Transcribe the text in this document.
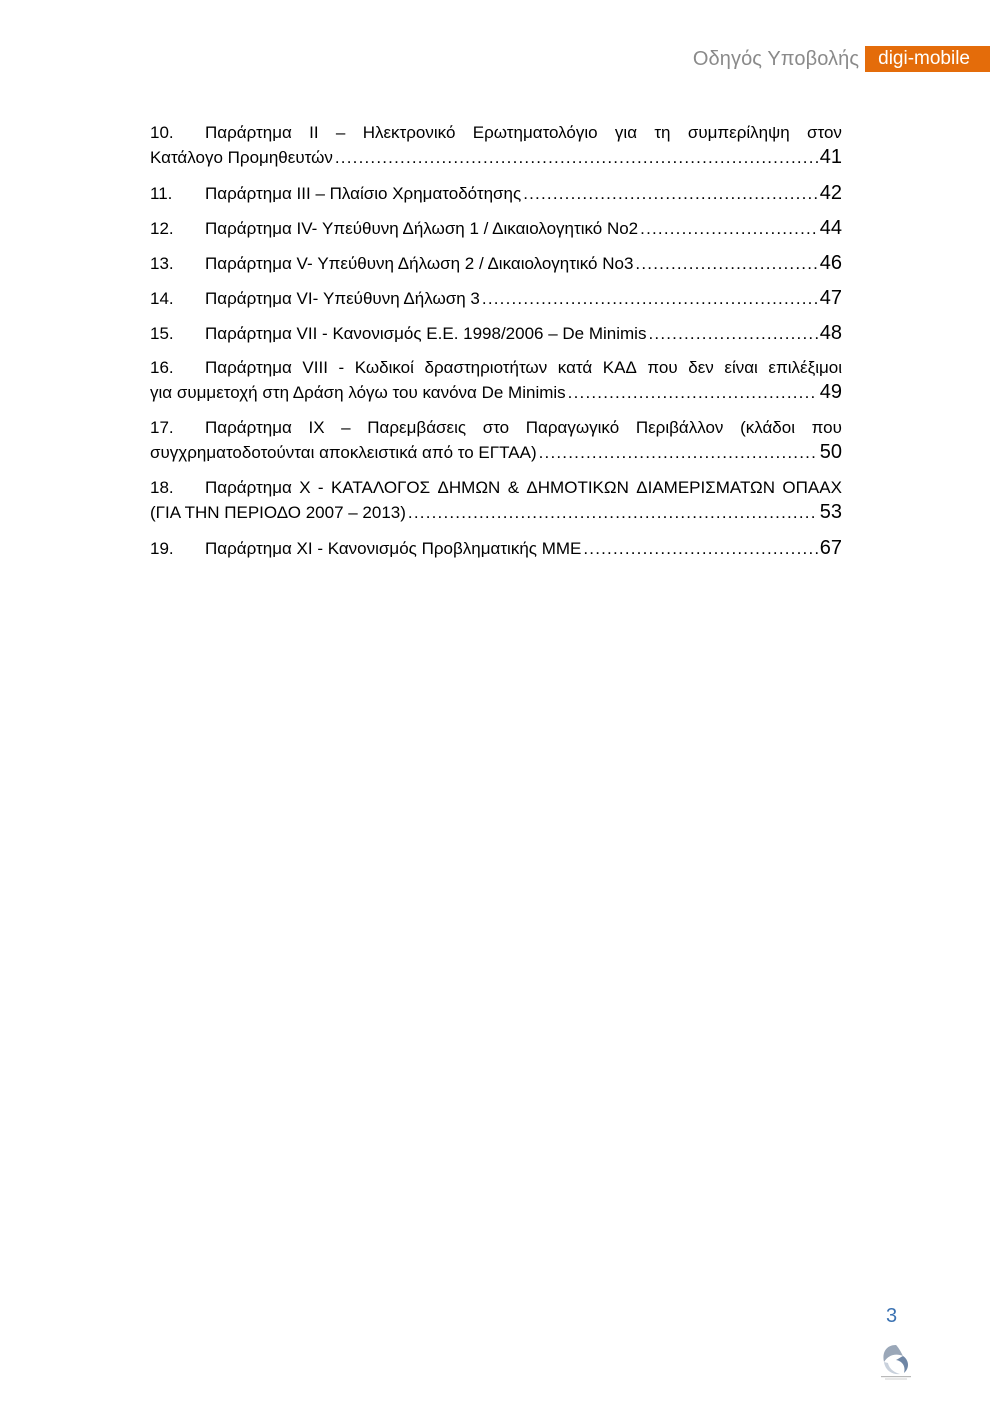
Οδηγός Υποβολής	digi-mobile
10.	Παράρτημα ΙΙ – Ηλεκτρονικό Ερωτηματολόγιο για τη συμπερίληψη στον
Κατάλογο Προμηθευτών .....	41
11.	Παράρτημα ΙΙΙ – Πλαίσιο Χρηματοδότησης .....	42
12.	Παράρτημα IV- Υπεύθυνη Δήλωση 1 / Δικαιολογητικό Νο2 .....	44
13.	Παράρτημα V- Υπεύθυνη Δήλωση 2 / Δικαιολογητικό Νο3 .....	46
14.	Παράρτημα VI- Υπεύθυνη Δήλωση 3 .....	47
15.	Παράρτημα VII - Κανονισμός Ε.Ε. 1998/2006 – De Minimis .....	48
16.	Παράρτημα VIII - Κωδικοί δραστηριοτήτων κατά ΚΑΔ που δεν είναι επιλέξιμοι
για συμμετοχή στη Δράση λόγω του κανόνα De Minimis .....	49
17.	Παράρτημα IX – Παρεμβάσεις στο Παραγωγικό Περιβάλλον (κλάδοι που
συγχρηματοδοτούνται αποκλειστικά από το ΕΓΤΑΑ) .....	50
18.	Παράρτημα X - ΚΑΤΑΛΟΓΟΣ ΔΗΜΩΝ & ΔΗΜΟΤΙΚΩΝ ΔΙΑΜΕΡΙΣΜΑΤΩΝ ΟΠΑΑΧ
(ΓΙΑ ΤΗΝ ΠΕΡΙΟΔΟ 2007 – 2013) .....	53
19.	Παράρτημα XI - Κανονισμός Προβληματικής ΜΜΕ .....	67
3
